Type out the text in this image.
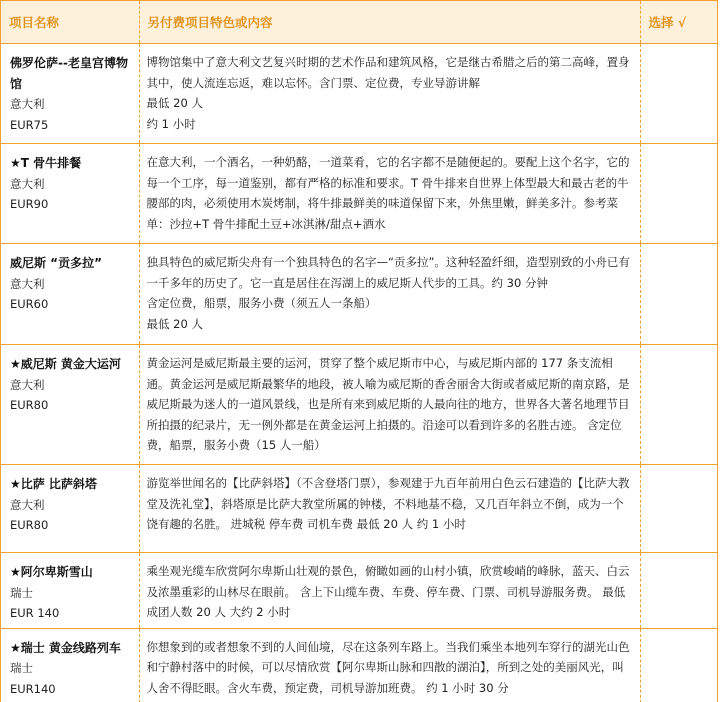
项目名称	另付费项目特色或内容	选择 √

佛罗伦萨--老皇宫博物馆
意大利
EUR75	博物馆集中了意大利文艺复兴时期的艺术作品和建筑风格，它是继古希腊之后的第二高峰，置身其中，使人流连忘返，难以忘怀。含门票、定位费，专业导游讲解
最低 20 人
约 1 小时	

★T 骨牛排餐
意大利
EUR90	在意大利，一个酒名，一种奶酪，一道菜肴，它的名字都不是随便起的。要配上这个名字，它的每一个工序，每一道鉴别，都有严格的标准和要求。T 骨牛排来自世界上体型最大和最古老的牛腰部的肉，必须使用木炭烤制，将牛排最鲜美的味道保留下来，外焦里嫩，鲜美多汁。参考菜单：沙拉+T 骨牛排配土豆+冰淇淋/甜点+酒水	

威尼斯 “贡多拉”
意大利
EUR60	独具特色的威尼斯尖舟有一个独具特色的名字—“贡多拉”。这种轻盈纤细，造型别致的小舟已有一千多年的历史了。它一直是居住在泻湖上的威尼斯人代步的工具。约 30 分钟
含定位费，船票，服务小费（须五人一条船）
最低 20 人	

★威尼斯 黄金大运河
意大利
EUR80	黄金运河是威尼斯最主要的运河，贯穿了整个威尼斯市中心，与威尼斯内部的 177 条支流相通。黄金运河是威尼斯最繁华的地段，被人喻为威尼斯的香舍丽舍大街或者威尼斯的南京路，是威尼斯最为迷人的一道风景线，也是所有来到威尼斯的人最向往的地方，世界各大著名地理节目所拍摄的纪录片，无一例外都是在黄金运河上拍摄的。沿途可以看到许多的名胜古迹。 含定位费，船票，服务小费（15 人一船）	

★比萨 比萨斜塔
意大利
EUR80	游览举世闻名的【比萨斜塔】（不含登塔门票），参观建于九百年前用白色云石建造的【比萨大教堂及洗礼堂】，斜塔原是比萨大教堂所属的钟楼，不料地基不稳，又几百年斜立不倒，成为一个饶有趣的名胜。 进城税 停车费 司机车费 最低 20 人 约 1 小时	

★阿尔卑斯雪山
瑞士
EUR 140	乘坐观光缆车欣赏阿尔卑斯山壮观的景色，俯瞰如画的山村小镇，欣赏峻峭的峰脉，蓝天、白云及浓墨重彩的山林尽在眼前。 含上下山缆车费、车费、停车费、门票、司机导游服务费。 最低成团人数 20 人 大约 2 小时	

★瑞士 黄金线路列车
瑞士
EUR140	你想象到的或者想象不到的人间仙境，尽在这条列车路上。当我们乘坐本地列车穿行的湖光山色和宁静村落中的时候，可以尽情欣赏【阿尔卑斯山脉和四散的湖泊】，所到之处的美丽风光，叫人舍不得眨眼。含火车费，预定费，司机导游加班费。 约 1 小时 30 分	
